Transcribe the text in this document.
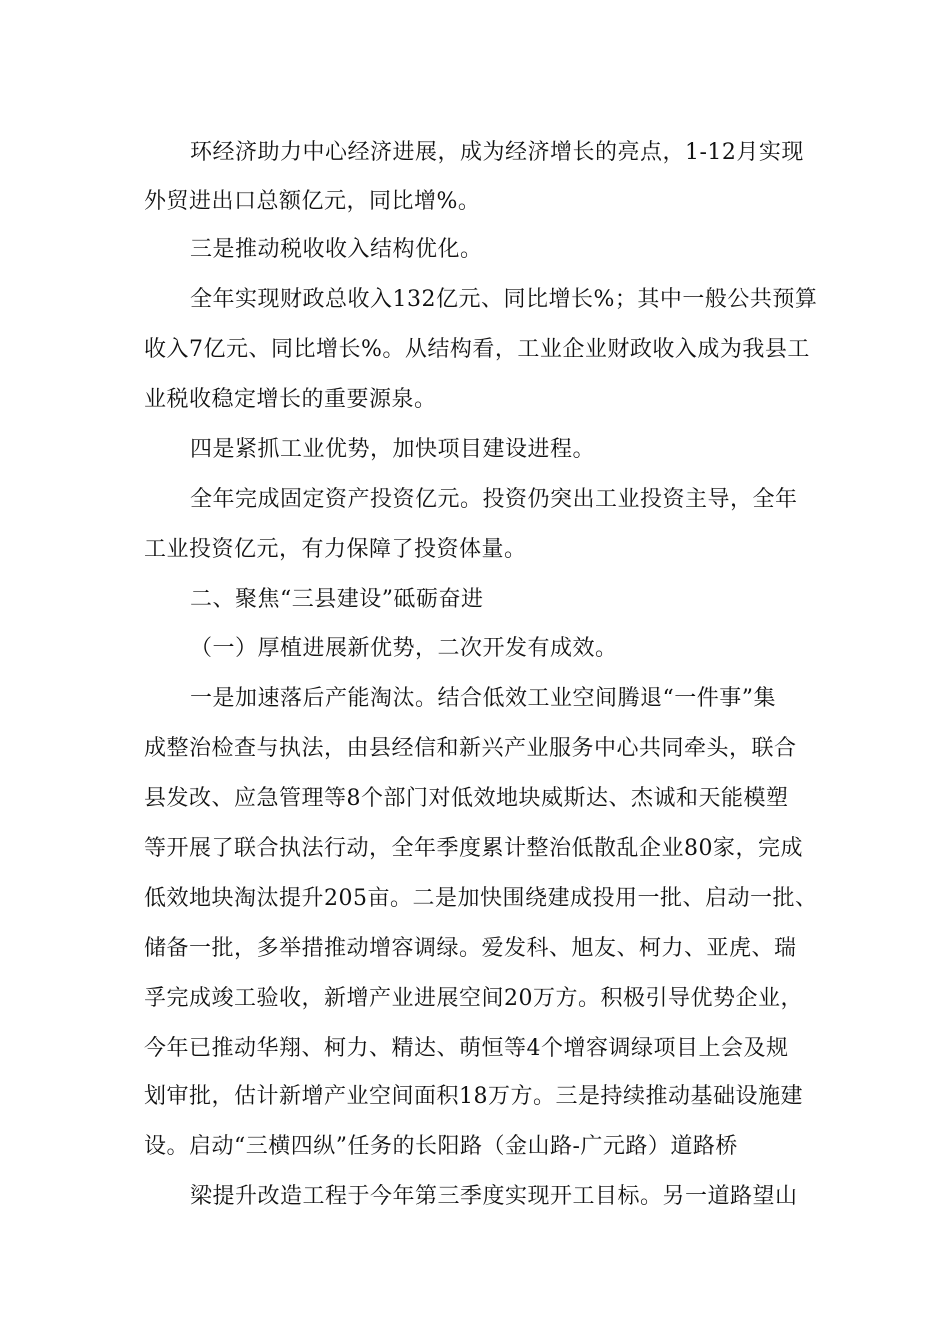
环经济助力中心经济进展，成为经济增长的亮点，1-12月实现
外贸进出口总额亿元，同比增%。
三是推动税收收入结构优化。
全年实现财政总收入132亿元、同比增长%；其中一般公共预算
收入7亿元、同比增长%。从结构看，工业企业财政收入成为我县工
业税收稳定增长的重要源泉。
四是紧抓工业优势，加快项目建设进程。
全年完成固定资产投资亿元。投资仍突出工业投资主导，全年
工业投资亿元，有力保障了投资体量。
二、聚焦“三县建设”砥砺奋进
（一）厚植进展新优势，二次开发有成效。
一是加速落后产能淘汰。结合低效工业空间腾退“一件事”集
成整治检查与执法，由县经信和新兴产业服务中心共同牵头，联合
县发改、应急管理等8个部门对低效地块威斯达、杰诚和天能模塑
等开展了联合执法行动，全年季度累计整治低散乱企业80家，完成
低效地块淘汰提升205亩。二是加快围绕建成投用一批、启动一批、
储备一批，多举措推动增容调绿。爱发科、旭友、柯力、亚虎、瑞
孚完成竣工验收，新增产业进展空间20万方。积极引导优势企业，
今年已推动华翔、柯力、精达、萌恒等4个增容调绿项目上会及规
划审批，估计新增产业空间面积18万方。三是持续推动基础设施建
设。启动“三横四纵”任务的长阳路（金山路-广元路）道路桥
梁提升改造工程于今年第三季度实现开工目标。另一道路望山
